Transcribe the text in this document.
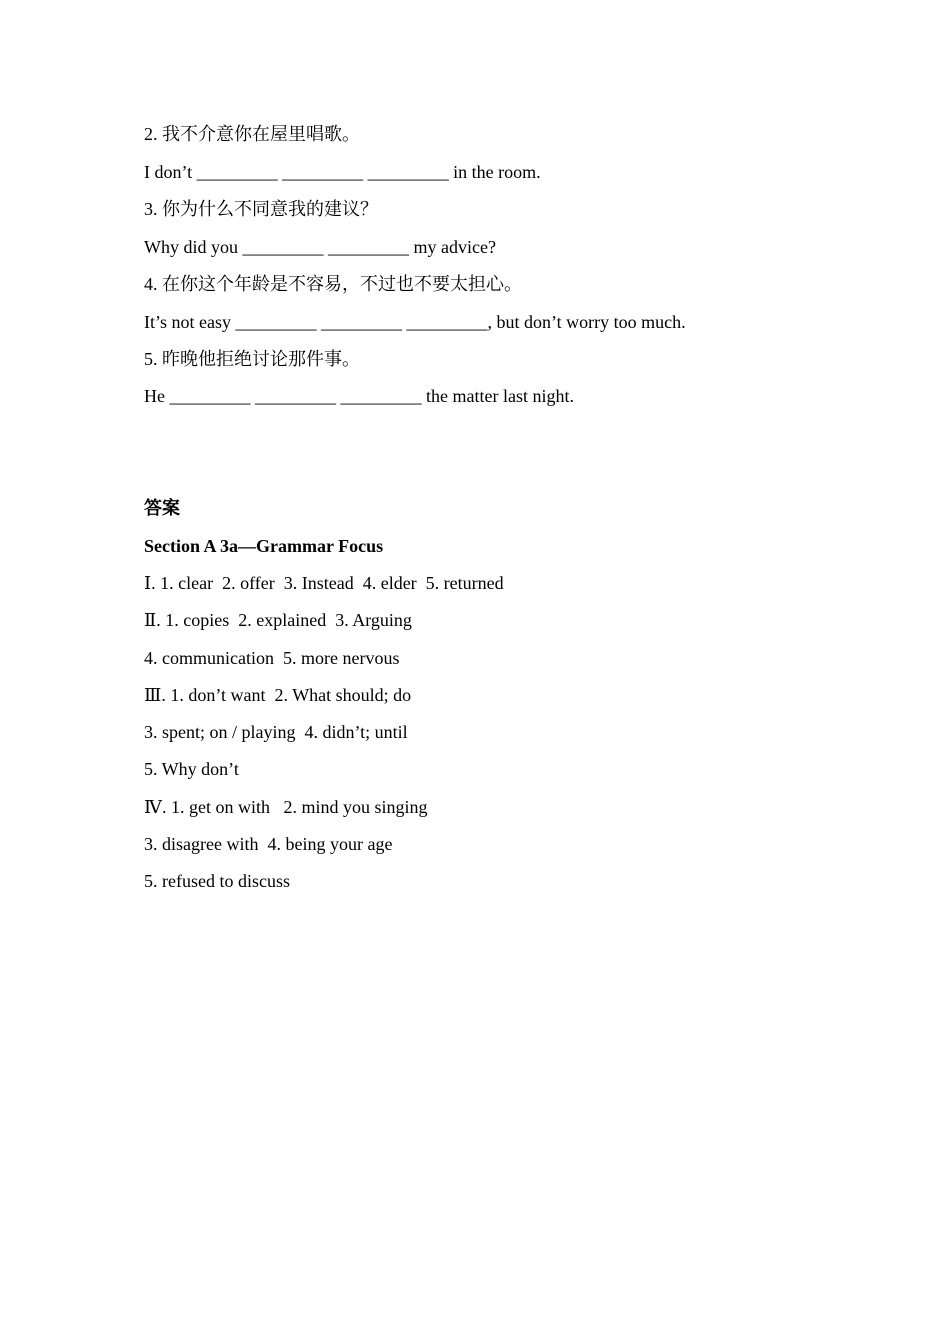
2. 我不介意你在屋里唱歌。
I don’t _________ _________ _________ in the room.
3. 你为什么不同意我的建议？
Why did you _________ _________ my advice?
4. 在你这个年龄是不容易，不过也不要太担心。
It’s not easy _________ _________ _________, but don’t worry too much.
5. 昨晚他拒绝讨论那件事。
He _________ _________ _________ the matter last night.
答案
Section A 3a—Grammar Focus
Ⅰ. 1. clear  2. offer  3. Instead  4. elder  5. returned
Ⅱ. 1. copies  2. explained  3. Arguing
4. communication  5. more nervous
Ⅲ. 1. don’t want  2. What should; do
3. spent; on / playing  4. didn’t; until
5. Why don’t
Ⅳ. 1. get on with   2. mind you singing
3. disagree with  4. being your age
5. refused to discuss
